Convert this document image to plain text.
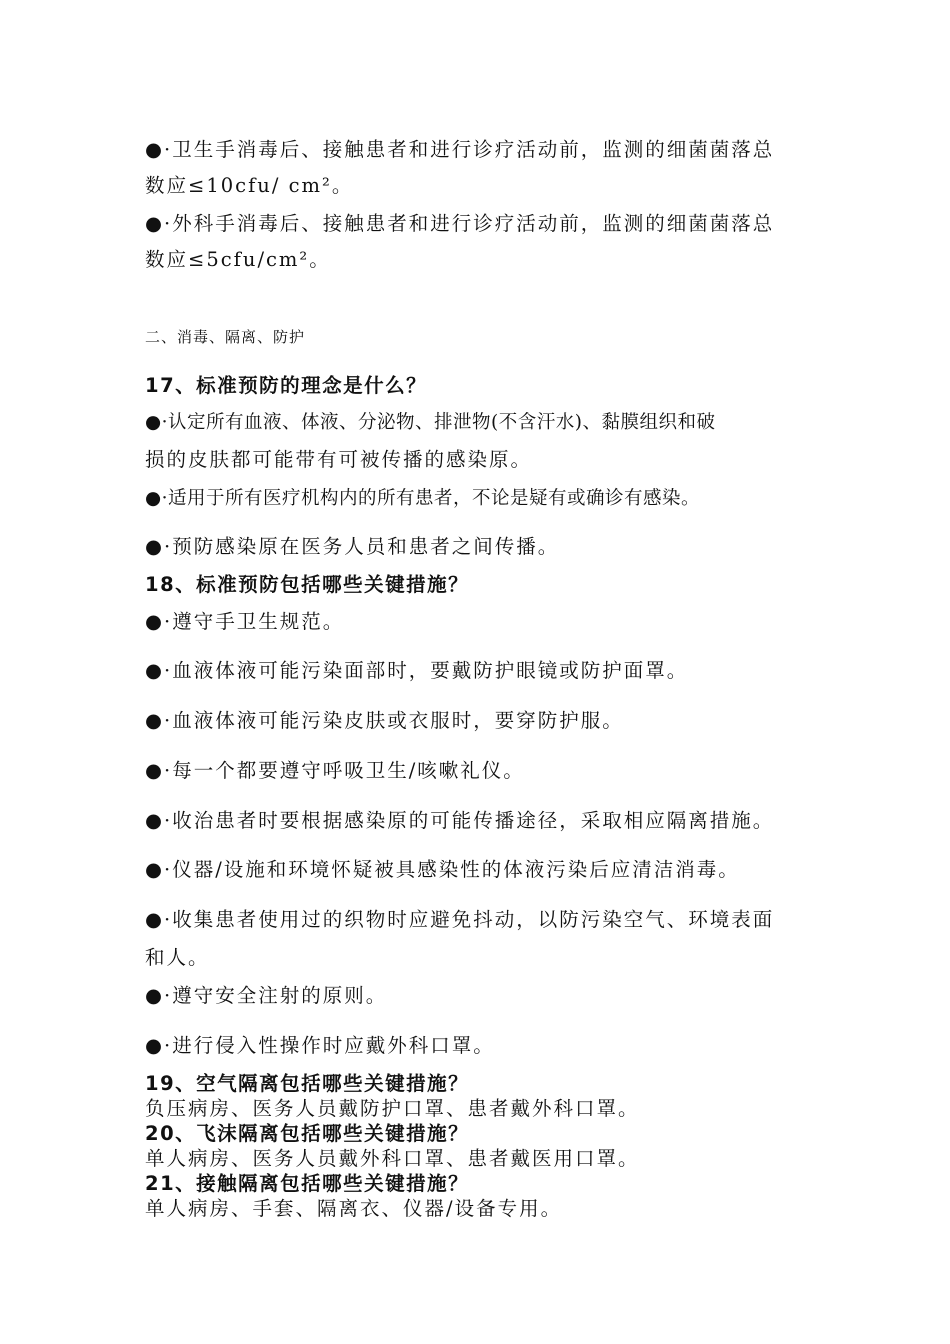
●·卫生手消毒后、接触患者和进行诊疗活动前，监测的细菌菌落总
数应≤10cfu/ cm²。
●·外科手消毒后、接触患者和进行诊疗活动前，监测的细菌菌落总
数应≤5cfu/cm²。
二、消毒、隔离、防护
17、标准预防的理念是什么？
●·认定所有血液、体液、分泌物、排泄物(不含汗水)、黏膜组织和破
损的皮肤都可能带有可被传播的感染原。
●·适用于所有医疗机构内的所有患者，不论是疑有或确诊有感染。
●·预防感染原在医务人员和患者之间传播。
18、标准预防包括哪些关键措施？
●·遵守手卫生规范。
●·血液体液可能污染面部时，要戴防护眼镜或防护面罩。
●·血液体液可能污染皮肤或衣服时，要穿防护服。
●·每一个都要遵守呼吸卫生/咳嗽礼仪。
●·收治患者时要根据感染原的可能传播途径，采取相应隔离措施。
●·仪器/设施和环境怀疑被具感染性的体液污染后应清洁消毒。
●·收集患者使用过的织物时应避免抖动，以防污染空气、环境表面
和人。
●·遵守安全注射的原则。
●·进行侵入性操作时应戴外科口罩。
19、空气隔离包括哪些关键措施？
负压病房、医务人员戴防护口罩、患者戴外科口罩。
20、飞沫隔离包括哪些关键措施？
单人病房、医务人员戴外科口罩、患者戴医用口罩。
21、接触隔离包括哪些关键措施？
单人病房、手套、隔离衣、仪器/设备专用。
